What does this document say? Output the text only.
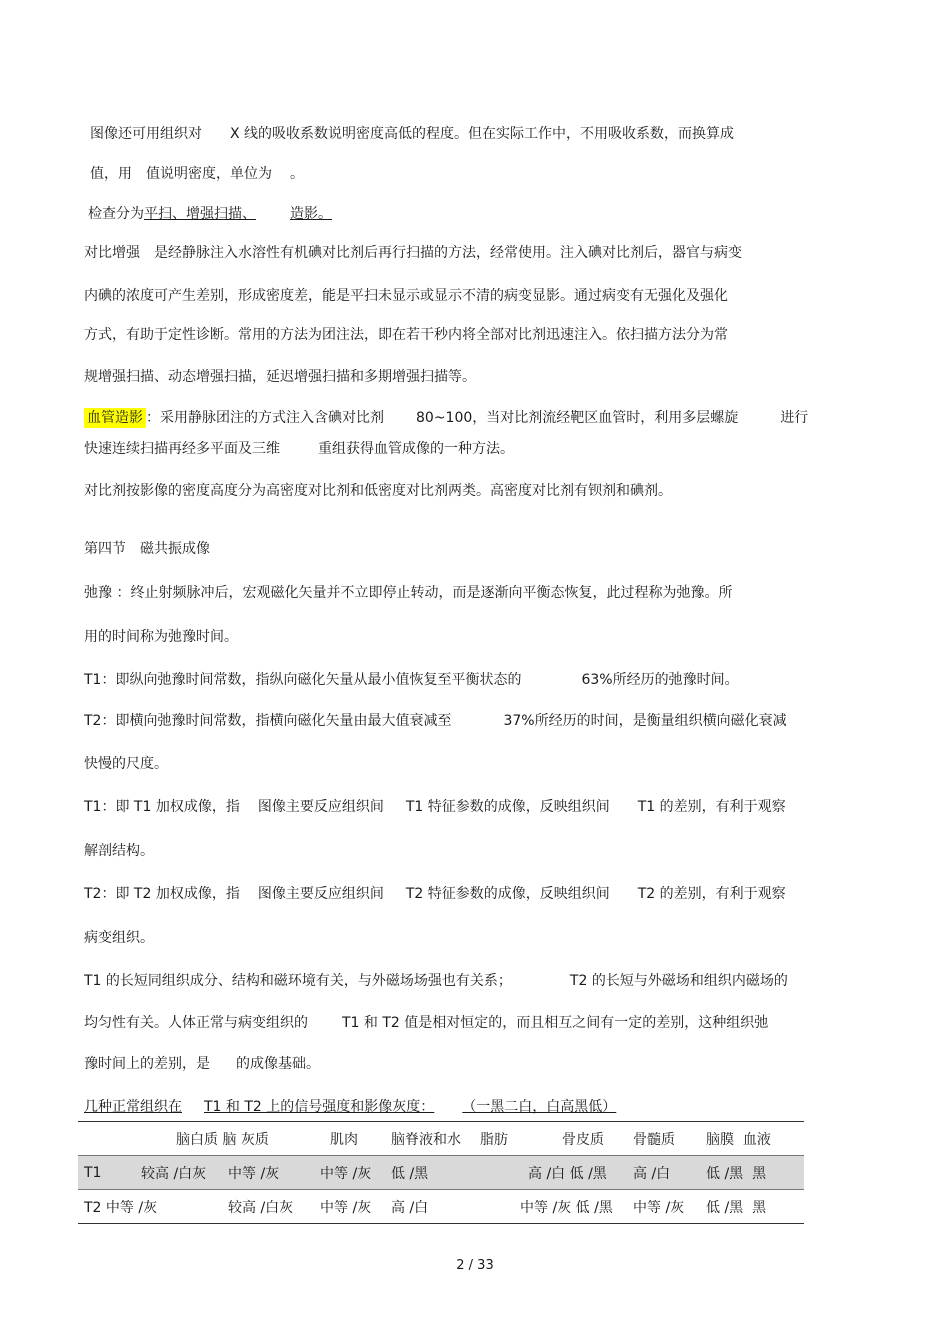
图像还可用组织对 X 线的吸收系数说明密度高低的程度。但在实际工作中，不用吸收系数，而换算成
值，用 值说明密度，单位为 。
检查分为平扫、增强扫描、 造影。
对比增强 是经静脉注入水溶性有机碘对比剂后再行扫描的方法，经常使用。注入碘对比剂后，器官与病变
内碘的浓度可产生差别，形成密度差，能是平扫未显示或显示不清的病变显影。通过病变有无强化及强化
方式，有助于定性诊断。常用的方法为团注法，即在若干秒内将全部对比剂迅速注入。依扫描方法分为常
规增强扫描、动态增强扫描，延迟增强扫描和多期增强扫描等。
血管造影 ：采用静脉团注的方式注入含碘对比剂 80~100，当对比剂流经靶区血管时，利用多层螺旋	进行
快速连续扫描再经多平面及三维	重组获得血管成像的一种方法。
对比剂按影像的密度高度分为高密度对比剂和低密度对比剂两类。高密度对比剂有钡剂和碘剂。
第四节　磁共振成像
弛豫 ：终止射频脉冲后，宏观磁化矢量并不立即停止转动，而是逐渐向平衡态恢复，此过程称为弛豫。所
用的时间称为弛豫时间。
T1：即纵向弛豫时间常数，指纵向磁化矢量从最小值恢复至平衡状态的	63%所经历的弛豫时间。
T2：即横向弛豫时间常数，指横向磁化矢量由最大值衰减至	37%所经历的时间，是衡量组织横向磁化衰减
快慢的尺度。
T1：即 T1 加权成像，指 图像主要反应组织间 T1 特征参数的成像，反映组织间 T1 的差别，有利于观察
解剖结构。
T2：即 T2 加权成像，指 图像主要反应组织间 T2 特征参数的成像，反映组织间 T2 的差别，有利于观察
病变组织。
T1 的长短同组织成分、结构和磁环境有关，与外磁场场强也有关系；	T2 的长短与外磁场和组织内磁场的
均匀性有关。人体正常与病变组织的 T1 和 T2 值是相对恒定的，而且相互之间有一定的差别，这种组织弛
豫时间上的差别，是 的成像基础。
几种正常组织在 T1 和 T2 上的信号强度和影像灰度： （一黑二白，白高黑低）
	脑白质 脑 灰质		肌肉	脑脊液和水	脂肪	骨皮质	骨髓质	脑膜 血液
T1	较高 /白灰	中等 /灰	中等 /灰	低 /黑		高 /白 低 /黑	高 /白	低 /黑 黑
T2 中等 /灰		较高 /白灰	中等 /灰	高 /白		中等 /灰 低 /黑	中等 /灰	低 /黑 黑
2 / 33
